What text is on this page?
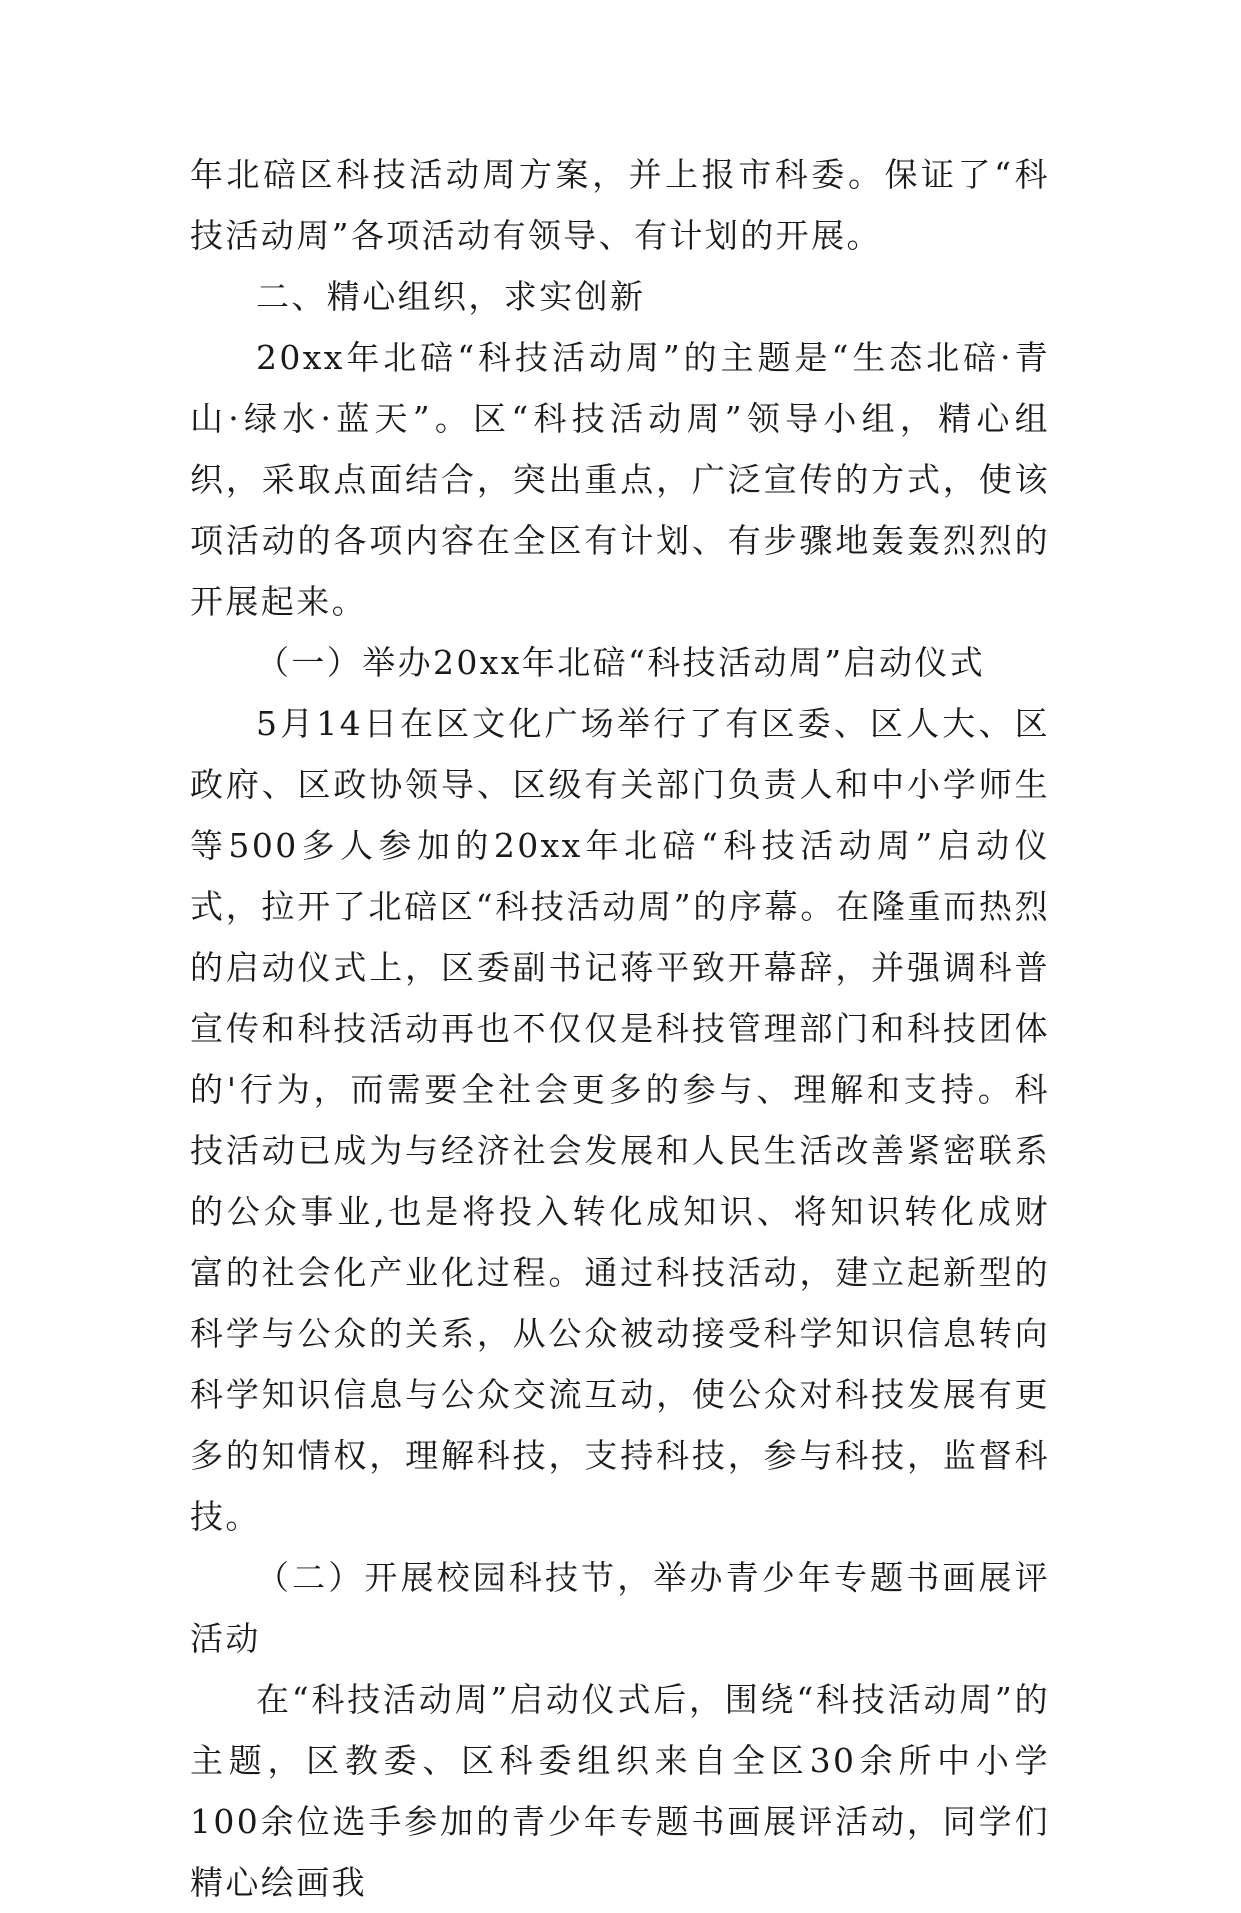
年北碚区科技活动周方案，并上报市科委。保证了“科技活动周”各项活动有领导、有计划的开展。

二、精心组织，求实创新

20xx年北碚“科技活动周”的主题是“生态北碚·青山·绿水·蓝天”。区“科技活动周”领导小组，精心组织，采取点面结合，突出重点，广泛宣传的方式，使该项活动的各项内容在全区有计划、有步骤地轰轰烈烈的开展起来。

（一）举办20xx年北碚“科技活动周”启动仪式

5月14日在区文化广场举行了有区委、区人大、区政府、区政协领导、区级有关部门负责人和中小学师生等500多人参加的20xx年北碚“科技活动周”启动仪式，拉开了北碚区“科技活动周”的序幕。在隆重而热烈的启动仪式上，区委副书记蒋平致开幕辞，并强调科普宣传和科技活动再也不仅仅是科技管理部门和科技团体的'行为，而需要全社会更多的参与、理解和支持。科技活动已成为与经济社会发展和人民生活改善紧密联系的公众事业,也是将投入转化成知识、将知识转化成财富的社会化产业化过程。通过科技活动，建立起新型的科学与公众的关系，从公众被动接受科学知识信息转向科学知识信息与公众交流互动，使公众对科技发展有更多的知情权，理解科技，支持科技，参与科技，监督科技。

（二）开展校园科技节，举办青少年专题书画展评活动

在“科技活动周”启动仪式后，围绕“科技活动周”的主题，区教委、区科委组织来自全区30余所中小学100余位选手参加的青少年专题书画展评活动，同学们精心绘画我
